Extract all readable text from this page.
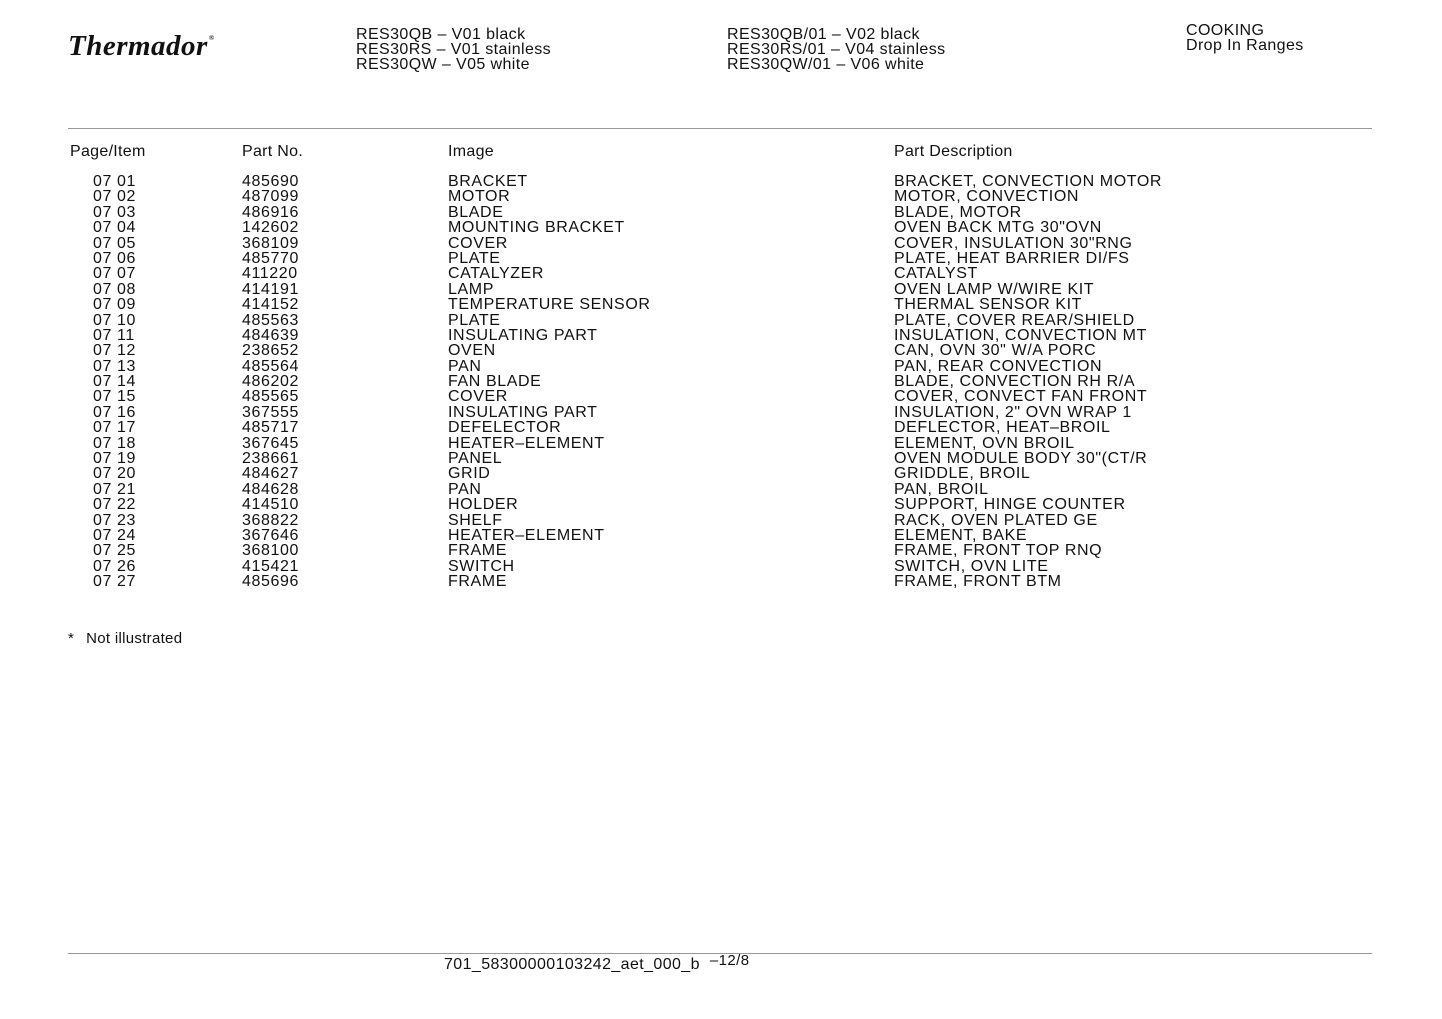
Thermador®	RES30QB – V01 black
RES30RS – V01 stainless
RES30QW – V05 white
RES30QB/01 – V02 black
RES30RS/01 – V04 stainless
RES30QW/01 – V06 white
COOKING
Drop In Ranges
Page/Item	Part No.	Image	Part Description
07 01	485690	BRACKET	BRACKET, CONVECTION MOTOR
07 02	487099	MOTOR	MOTOR, CONVECTION
07 03	486916	BLADE	BLADE, MOTOR
07 04	142602	MOUNTING BRACKET	OVEN BACK MTG 30"OVN
07 05	368109	COVER	COVER, INSULATION 30"RNG
07 06	485770	PLATE	PLATE, HEAT BARRIER DI/FS
07 07	411220	CATALYZER	CATALYST
07 08	414191	LAMP	OVEN LAMP W/WIRE KIT
07 09	414152	TEMPERATURE SENSOR	THERMAL SENSOR KIT
07 10	485563	PLATE	PLATE, COVER REAR/SHIELD
07 11	484639	INSULATING PART	INSULATION, CONVECTION MT
07 12	238652	OVEN	CAN, OVN 30" W/A PORC
07 13	485564	PAN	PAN, REAR CONVECTION
07 14	486202	FAN BLADE	BLADE, CONVECTION RH R/A
07 15	485565	COVER	COVER, CONVECT FAN FRONT
07 16	367555	INSULATING PART	INSULATION, 2" OVN WRAP 1
07 17	485717	DEFELECTOR	DEFLECTOR, HEAT–BROIL
07 18	367645	HEATER–ELEMENT	ELEMENT, OVN BROIL
07 19	238661	PANEL	OVEN MODULE BODY 30"(CT/R
07 20	484627	GRID	GRIDDLE, BROIL
07 21	484628	PAN	PAN, BROIL
07 22	414510	HOLDER	SUPPORT, HINGE COUNTER
07 23	368822	SHELF	RACK, OVEN PLATED GE
07 24	367646	HEATER–ELEMENT	ELEMENT, BAKE
07 25	368100	FRAME	FRAME, FRONT TOP RNQ
07 26	415421	SWITCH	SWITCH, OVN LITE
07 27	485696	FRAME	FRAME, FRONT BTM
* Not illustrated
701_58300000103242_aet_000_b –12/8
